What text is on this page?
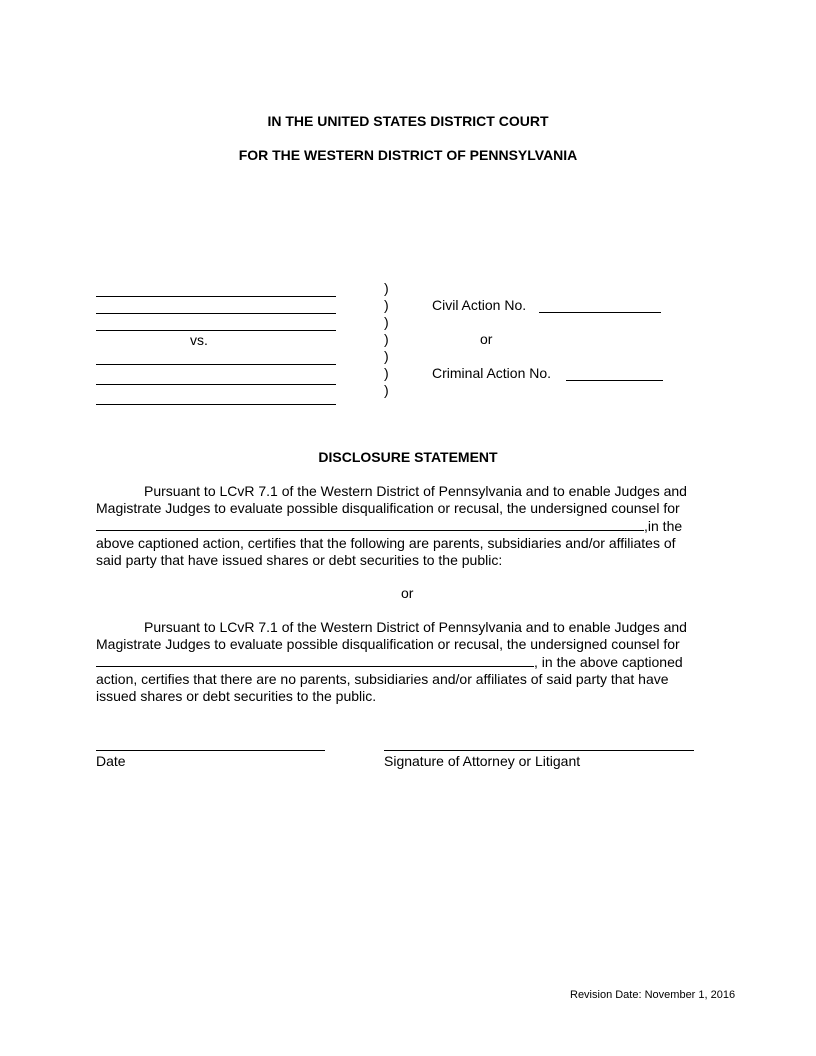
IN THE UNITED STATES DISTRICT COURT
FOR THE WESTERN DISTRICT OF PENNSYLVANIA
vs.
)
)
)
)
)
)
)
Civil Action No.
or
Criminal Action No.
DISCLOSURE STATEMENT
Pursuant to LCvR 7.1 of the Western District of Pennsylvania and to enable Judges and
Magistrate Judges to evaluate possible disqualification or recusal, the undersigned counsel for
,in the
above captioned action, certifies that the following are parents, subsidiaries and/or affiliates of
said party that have issued shares or debt securities to the public:
or
Pursuant to LCvR 7.1 of the Western District of Pennsylvania and to enable Judges and
Magistrate Judges to evaluate possible disqualification or recusal, the undersigned counsel for
, in the above captioned
action, certifies that there are no parents, subsidiaries and/or affiliates of said party that have
issued shares or debt securities to the public.
Date	Signature of Attorney or Litigant
Revision Date: November 1, 2016
